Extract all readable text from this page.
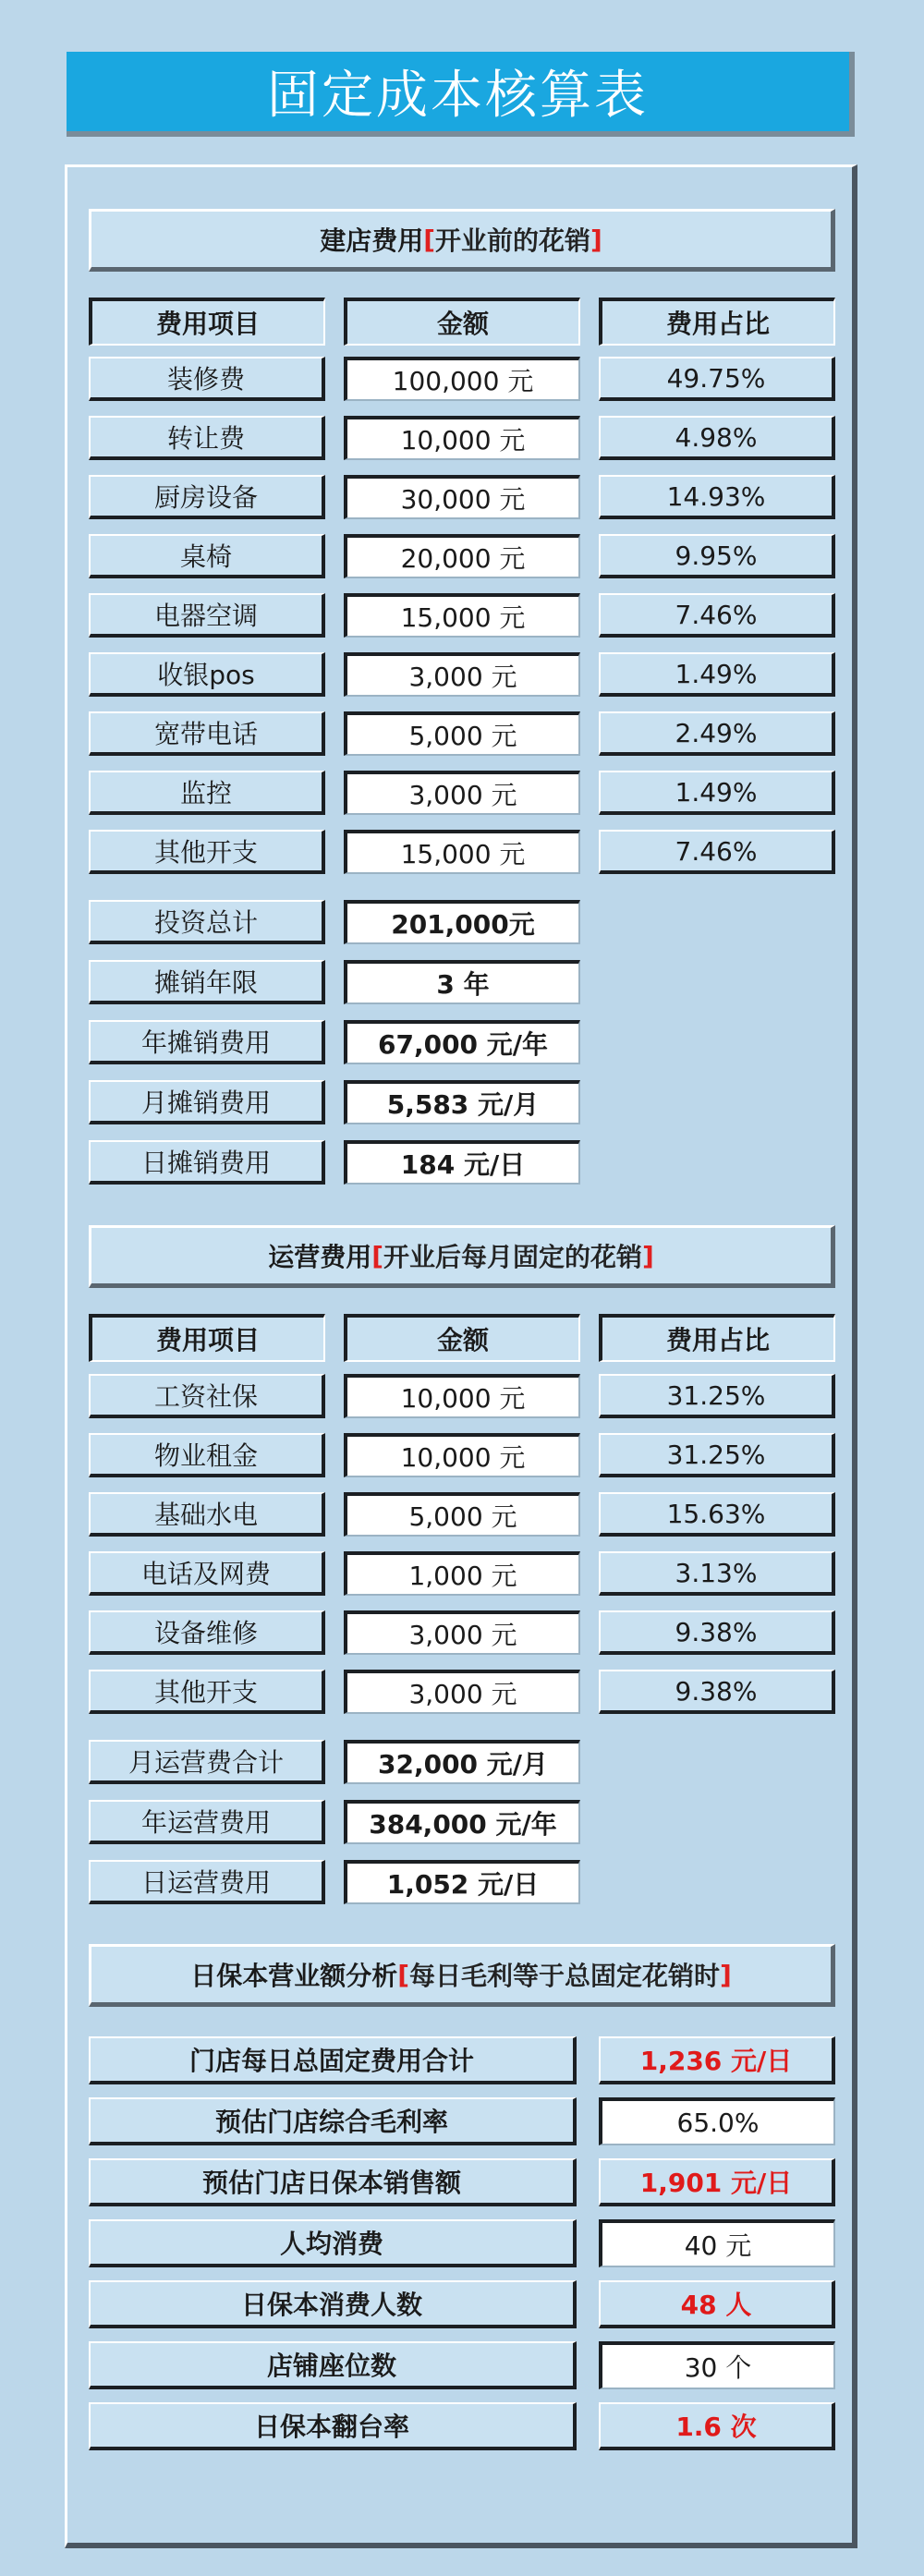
固定成本核算表
建店费用 [ 开业前的花销 ]
费用项目	金额	费用占比
装修费	100,000 元	49.75%
转让费	10,000 元	4.98%
厨房设备	30,000 元	14.93%
桌椅	20,000 元	9.95%
电器空调	15,000 元	7.46%
收银pos	3,000 元	1.49%
宽带电话	5,000 元	2.49%
监控	3,000 元	1.49%
其他开支	15,000 元	7.46%
投资总计	201,000元
摊销年限	3 年
年摊销费用	67,000 元/年
月摊销费用	5,583 元/月
日摊销费用	184 元/日
运营费用 [ 开业后每月固定的花销 ]
费用项目	金额	费用占比
工资社保	10,000 元	31.25%
物业租金	10,000 元	31.25%
基础水电	5,000 元	15.63%
电话及网费	1,000 元	3.13%
设备维修	3,000 元	9.38%
其他开支	3,000 元	9.38%
月运营费合计	32,000 元/月
年运营费用	384,000 元/年
日运营费用	1,052 元/日
日保本营业额分析 [ 每日毛利等于总固定花销时 ]
门店每日总固定费用合计	1,236 元/日
预估门店综合毛利率	65.0%
预估门店日保本销售额	1,901 元/日
人均消费	40 元
日保本消费人数	48 人
店铺座位数	30 个
日保本翻台率	1.6 次
